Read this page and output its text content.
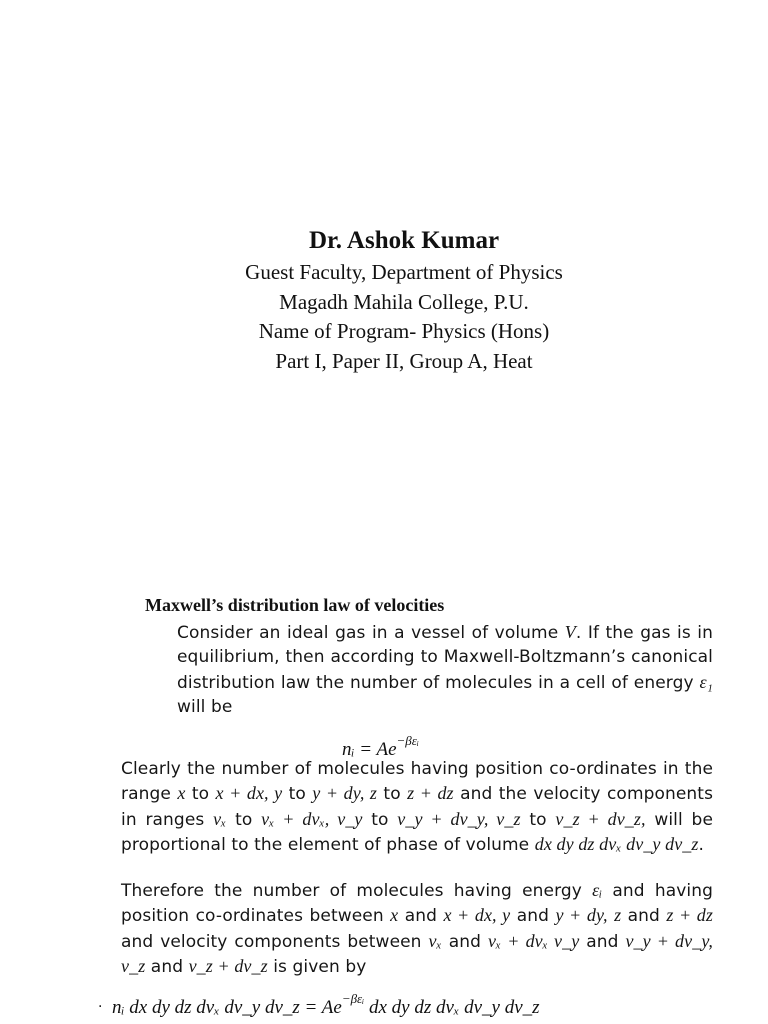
Dr. Ashok Kumar
Guest Faculty, Department of Physics
Magadh Mahila College, P.U.
Name of Program- Physics (Hons)
Part I, Paper II, Group A, Heat
Maxwell’s distribution law of velocities
Consider an ideal gas in a vessel of volume V. If the gas is in equilibrium, then according to Maxwell-Boltzmann’s canonical distribution law the number of molecules in a cell of energy ε₁ will be
nᵢ = $Ae^{-\beta\varepsilon ᵢ}$
Clearly the number of molecules having position co-ordinates in the range x to x + dx, y to y + dy, z to z + dz and the velocity components in ranges vₓ to vₓ + dvₓ, v_y to v_y + dv_y, v_z to v_z + dv_z, will be proportional to the element of phase of volume dx dy dz dvₓ dv_y dv_z.
Therefore the number of molecules having energy εᵢ and having position co-ordinates between x and x + dx, y and y + dy, z and z + dz and velocity components between vₓ and vₓ + dvₓ v_y and v_y + dv_y, v_z and v_z + dv_z is given by
· nᵢ dx dy dz dvₓ dv_y dv_z = $Ae^{-\beta\varepsilon ᵢ}$ dx dy dz dvₓ dv_y dv_z
